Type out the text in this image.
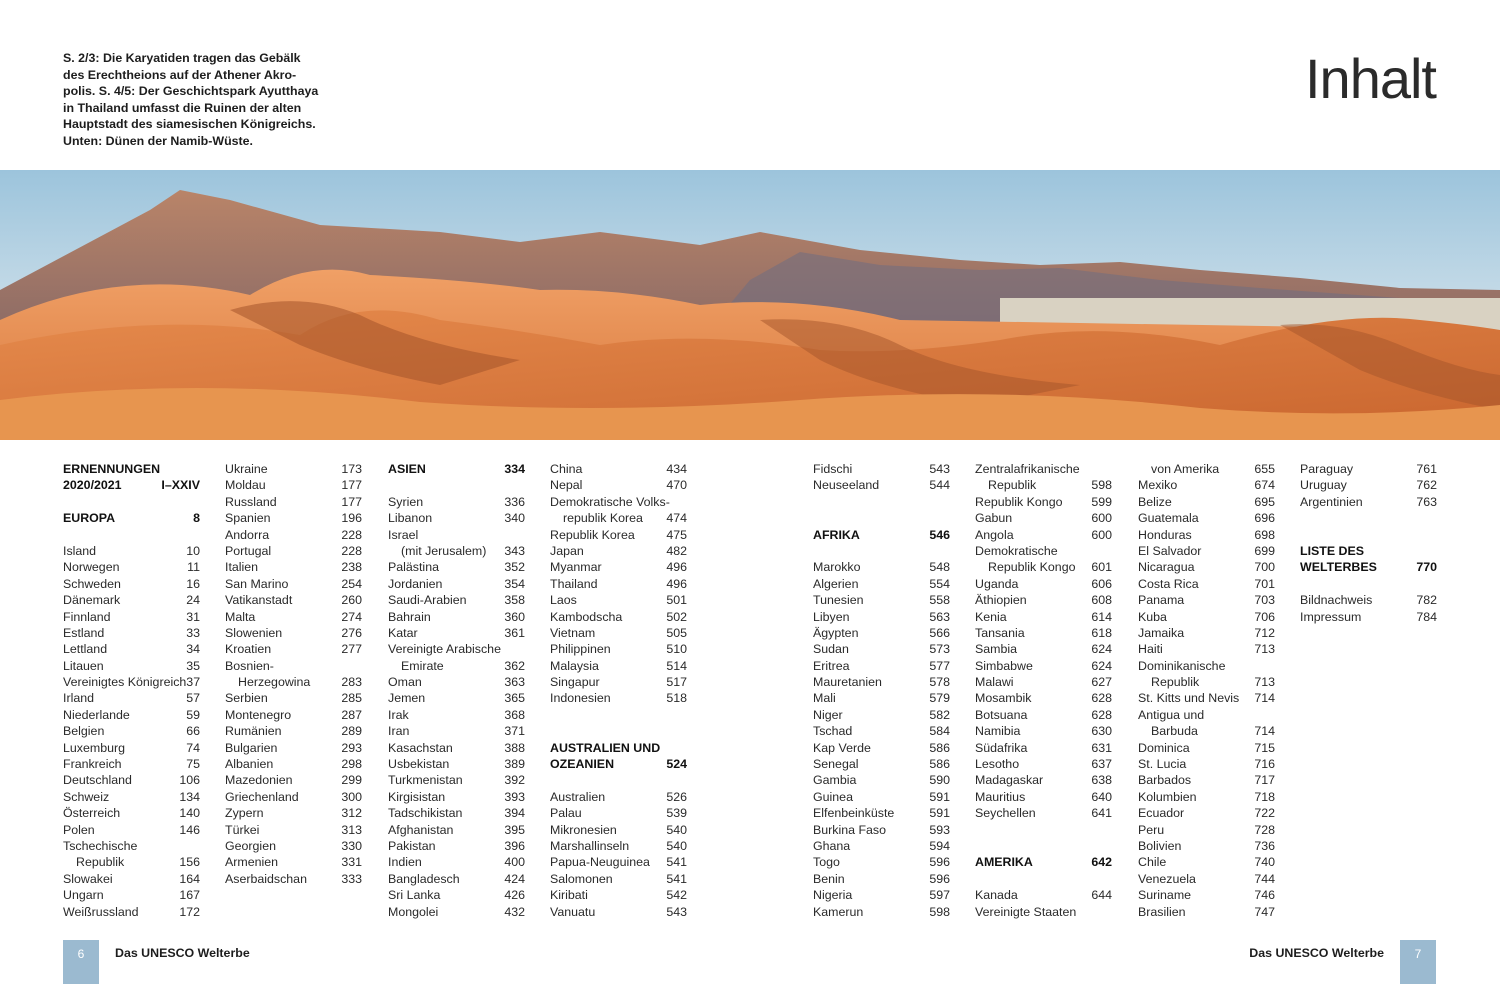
S. 2/3: Die Karyatiden tragen das Gebälk
des Erechtheions auf der Athener Akro-
polis. S. 4/5: Der Geschichtspark Ayutthaya
in Thailand umfasst die Ruinen der alten
Hauptstadt des siamesischen Königreichs.
Unten: Dünen der Namib-Wüste.
Inhalt
ERNENNUNGEN
2020/2021	I–XXIV
EUROPA	8
Island	10
Norwegen	11
Schweden	16
Dänemark	24
Finnland	31
Estland	33
Lettland	34
Litauen	35
Vereinigtes Königreich 37
Irland	57
Niederlande	59
Belgien	66
Luxemburg	74
Frankreich	75
Deutschland	106
Schweiz	134
Österreich	140
Polen	146
Tschechische
Republik	156
Slowakei	164
Ungarn	167
Weißrussland	172
Ukraine	173
Moldau	177
Russland	177
Spanien	196
Andorra	228
Portugal	228
Italien	238
San Marino	254
Vatikanstadt	260
Malta	274
Slowenien	276
Kroatien	277
Bosnien-
Herzegowina 283
Serbien	285
Montenegro	287
Rumänien	289
Bulgarien	293
Albanien	298
Mazedonien	299
Griechenland	300
Zypern	312
Türkei	313
Georgien	330
Armenien	331
Aserbaidschan	333
ASIEN	334
Syrien	336
Libanon	340
Israel
(mit Jerusalem) 343
Palästina	352
Jordanien	354
Saudi-Arabien	358
Bahrain	360
Katar	361
Vereinigte Arabische
Emirate	362
Oman	363
Jemen	365
Irak	368
Iran	371
Kasachstan	388
Usbekistan	389
Turkmenistan	392
Kirgisistan	393
Tadschikistan	394
Afghanistan	395
Pakistan	396
Indien	400
Bangladesch	424
Sri Lanka	426
Mongolei	432
China	434
Nepal	470
Demokratische Volks-
republik Korea 474
Republik Korea	475
Japan	482
Myanmar	496
Thailand	496
Laos	501
Kambodscha	502
Vietnam	505
Philippinen	510
Malaysia	514
Singapur	517
Indonesien	518
AUSTRALIEN UND
OZEANIEN	524
Australien	526
Palau	539
Mikronesien	540
Marshallinseln	540
Papua-Neuguinea 541
Salomonen	541
Kiribati	542
Vanuatu	543
Fidschi	543
Neuseeland	544
AFRIKA	546
Marokko	548
Algerien	554
Tunesien	558
Libyen	563
Ägypten	566
Sudan	573
Eritrea	577
Mauretanien	578
Mali	579
Niger	582
Tschad	584
Kap Verde	586
Senegal	586
Gambia	590
Guinea	591
Elfenbeinküste	591
Burkina Faso	593
Ghana	594
Togo	596
Benin	596
Nigeria	597
Kamerun	598
Zentralafrikanische
Republik	598
Republik Kongo 599
Gabun	600
Angola	600
Demokratische
Republik Kongo 601
Uganda	606
Äthiopien	608
Kenia	614
Tansania	618
Sambia	624
Simbabwe	624
Malawi	627
Mosambik	628
Botsuana	628
Namibia	630
Südafrika	631
Lesotho	637
Madagaskar	638
Mauritius	640
Seychellen	641
AMERIKA	642
Kanada	644
Vereinigte Staaten
von Amerika	655
Mexiko	674
Belize	695
Guatemala	696
Honduras	698
El Salvador	699
Nicaragua	700
Costa Rica	701
Panama	703
Kuba	706
Jamaika	712
Haiti	713
Dominikanische
Republik	713
St. Kitts und Nevis 714
Antigua und
Barbuda	714
Dominica	715
St. Lucia	716
Barbados	717
Kolumbien	718
Ecuador	722
Peru	728
Bolivien	736
Chile	740
Venezuela	744
Suriname	746
Brasilien	747
Paraguay	761
Uruguay	762
Argentinien	763
LISTE DES
WELTERBES	770
Bildnachweis	782
Impressum	784
6	Das UNESCO Welterbe	Das UNESCO Welterbe	7
